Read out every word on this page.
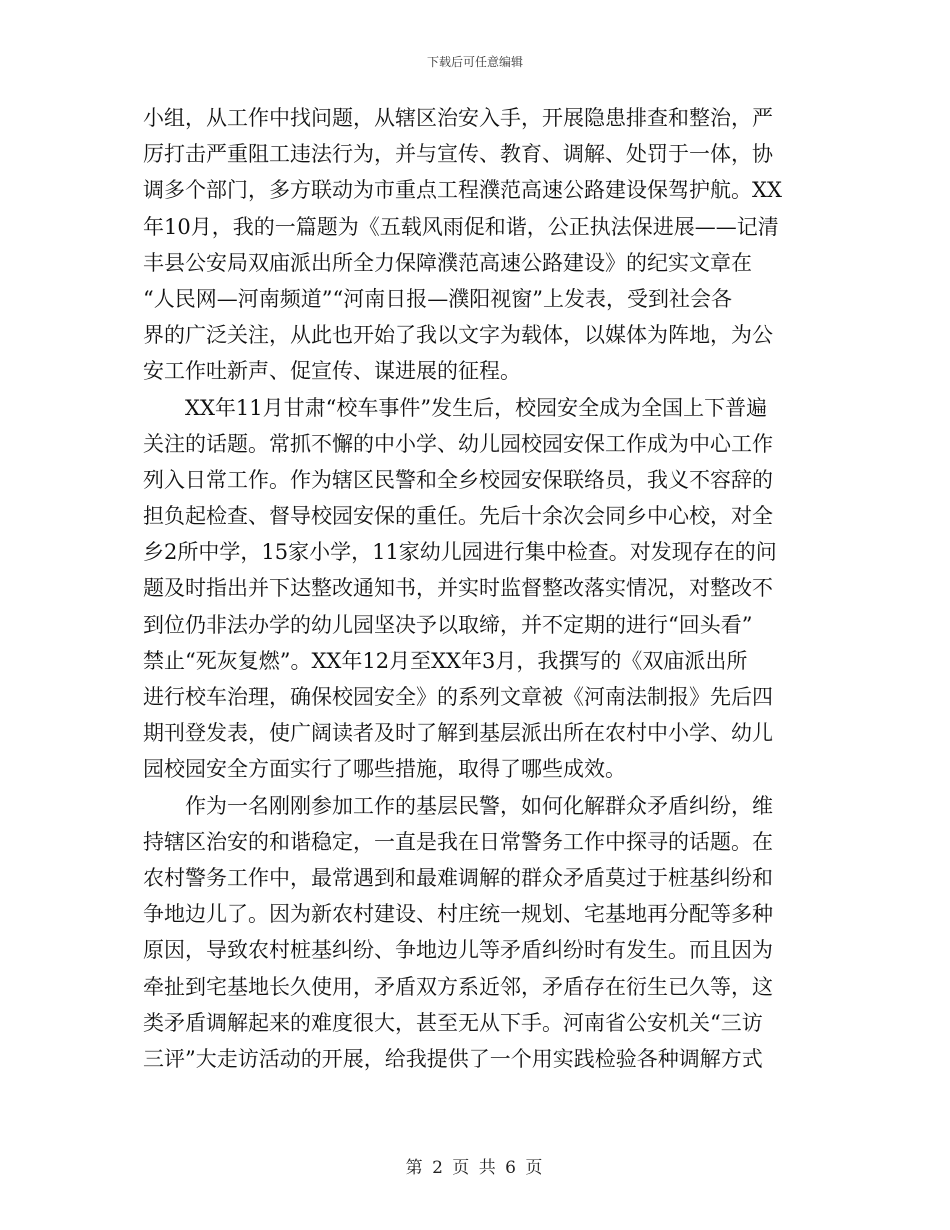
下载后可任意编辑
小组，从工作中找问题，从辖区治安入手，开展隐患排查和整治，严
厉打击严重阻工违法行为，并与宣传、教育、调解、处罚于一体，协
调多个部门，多方联动为市重点工程濮范高速公路建设保驾护航。XX
年10月，我的一篇题为《五载风雨促和谐，公正执法保进展——记清
丰县公安局双庙派出所全力保障濮范高速公路建设》的纪实文章在
“人民网—河南频道”“河南日报—濮阳视窗”上发表，受到社会各
界的广泛关注，从此也开始了我以文字为载体，以媒体为阵地，为公
安工作吐新声、促宣传、谋进展的征程。
XX年11月甘肃“校车事件”发生后，校园安全成为全国上下普遍
关注的话题。常抓不懈的中小学、幼儿园校园安保工作成为中心工作
列入日常工作。作为辖区民警和全乡校园安保联络员，我义不容辞的
担负起检查、督导校园安保的重任。先后十余次会同乡中心校，对全
乡2所中学，15家小学，11家幼儿园进行集中检查。对发现存在的问
题及时指出并下达整改通知书，并实时监督整改落实情况，对整改不
到位仍非法办学的幼儿园坚决予以取缔，并不定期的进行“回头看”
禁止“死灰复燃”。XX年12月至XX年3月，我撰写的《双庙派出所
进行校车治理，确保校园安全》的系列文章被《河南法制报》先后四
期刊登发表，使广阔读者及时了解到基层派出所在农村中小学、幼儿
园校园安全方面实行了哪些措施，取得了哪些成效。
作为一名刚刚参加工作的基层民警，如何化解群众矛盾纠纷，维
持辖区治安的和谐稳定，一直是我在日常警务工作中探寻的话题。在
农村警务工作中，最常遇到和最难调解的群众矛盾莫过于桩基纠纷和
争地边儿了。因为新农村建设、村庄统一规划、宅基地再分配等多种
原因，导致农村桩基纠纷、争地边儿等矛盾纠纷时有发生。而且因为
牵扯到宅基地长久使用，矛盾双方系近邻，矛盾存在衍生已久等，这
类矛盾调解起来的难度很大，甚至无从下手。河南省公安机关“三访
三评”大走访活动的开展，给我提供了一个用实践检验各种调解方式
第 2 页 共 6 页
